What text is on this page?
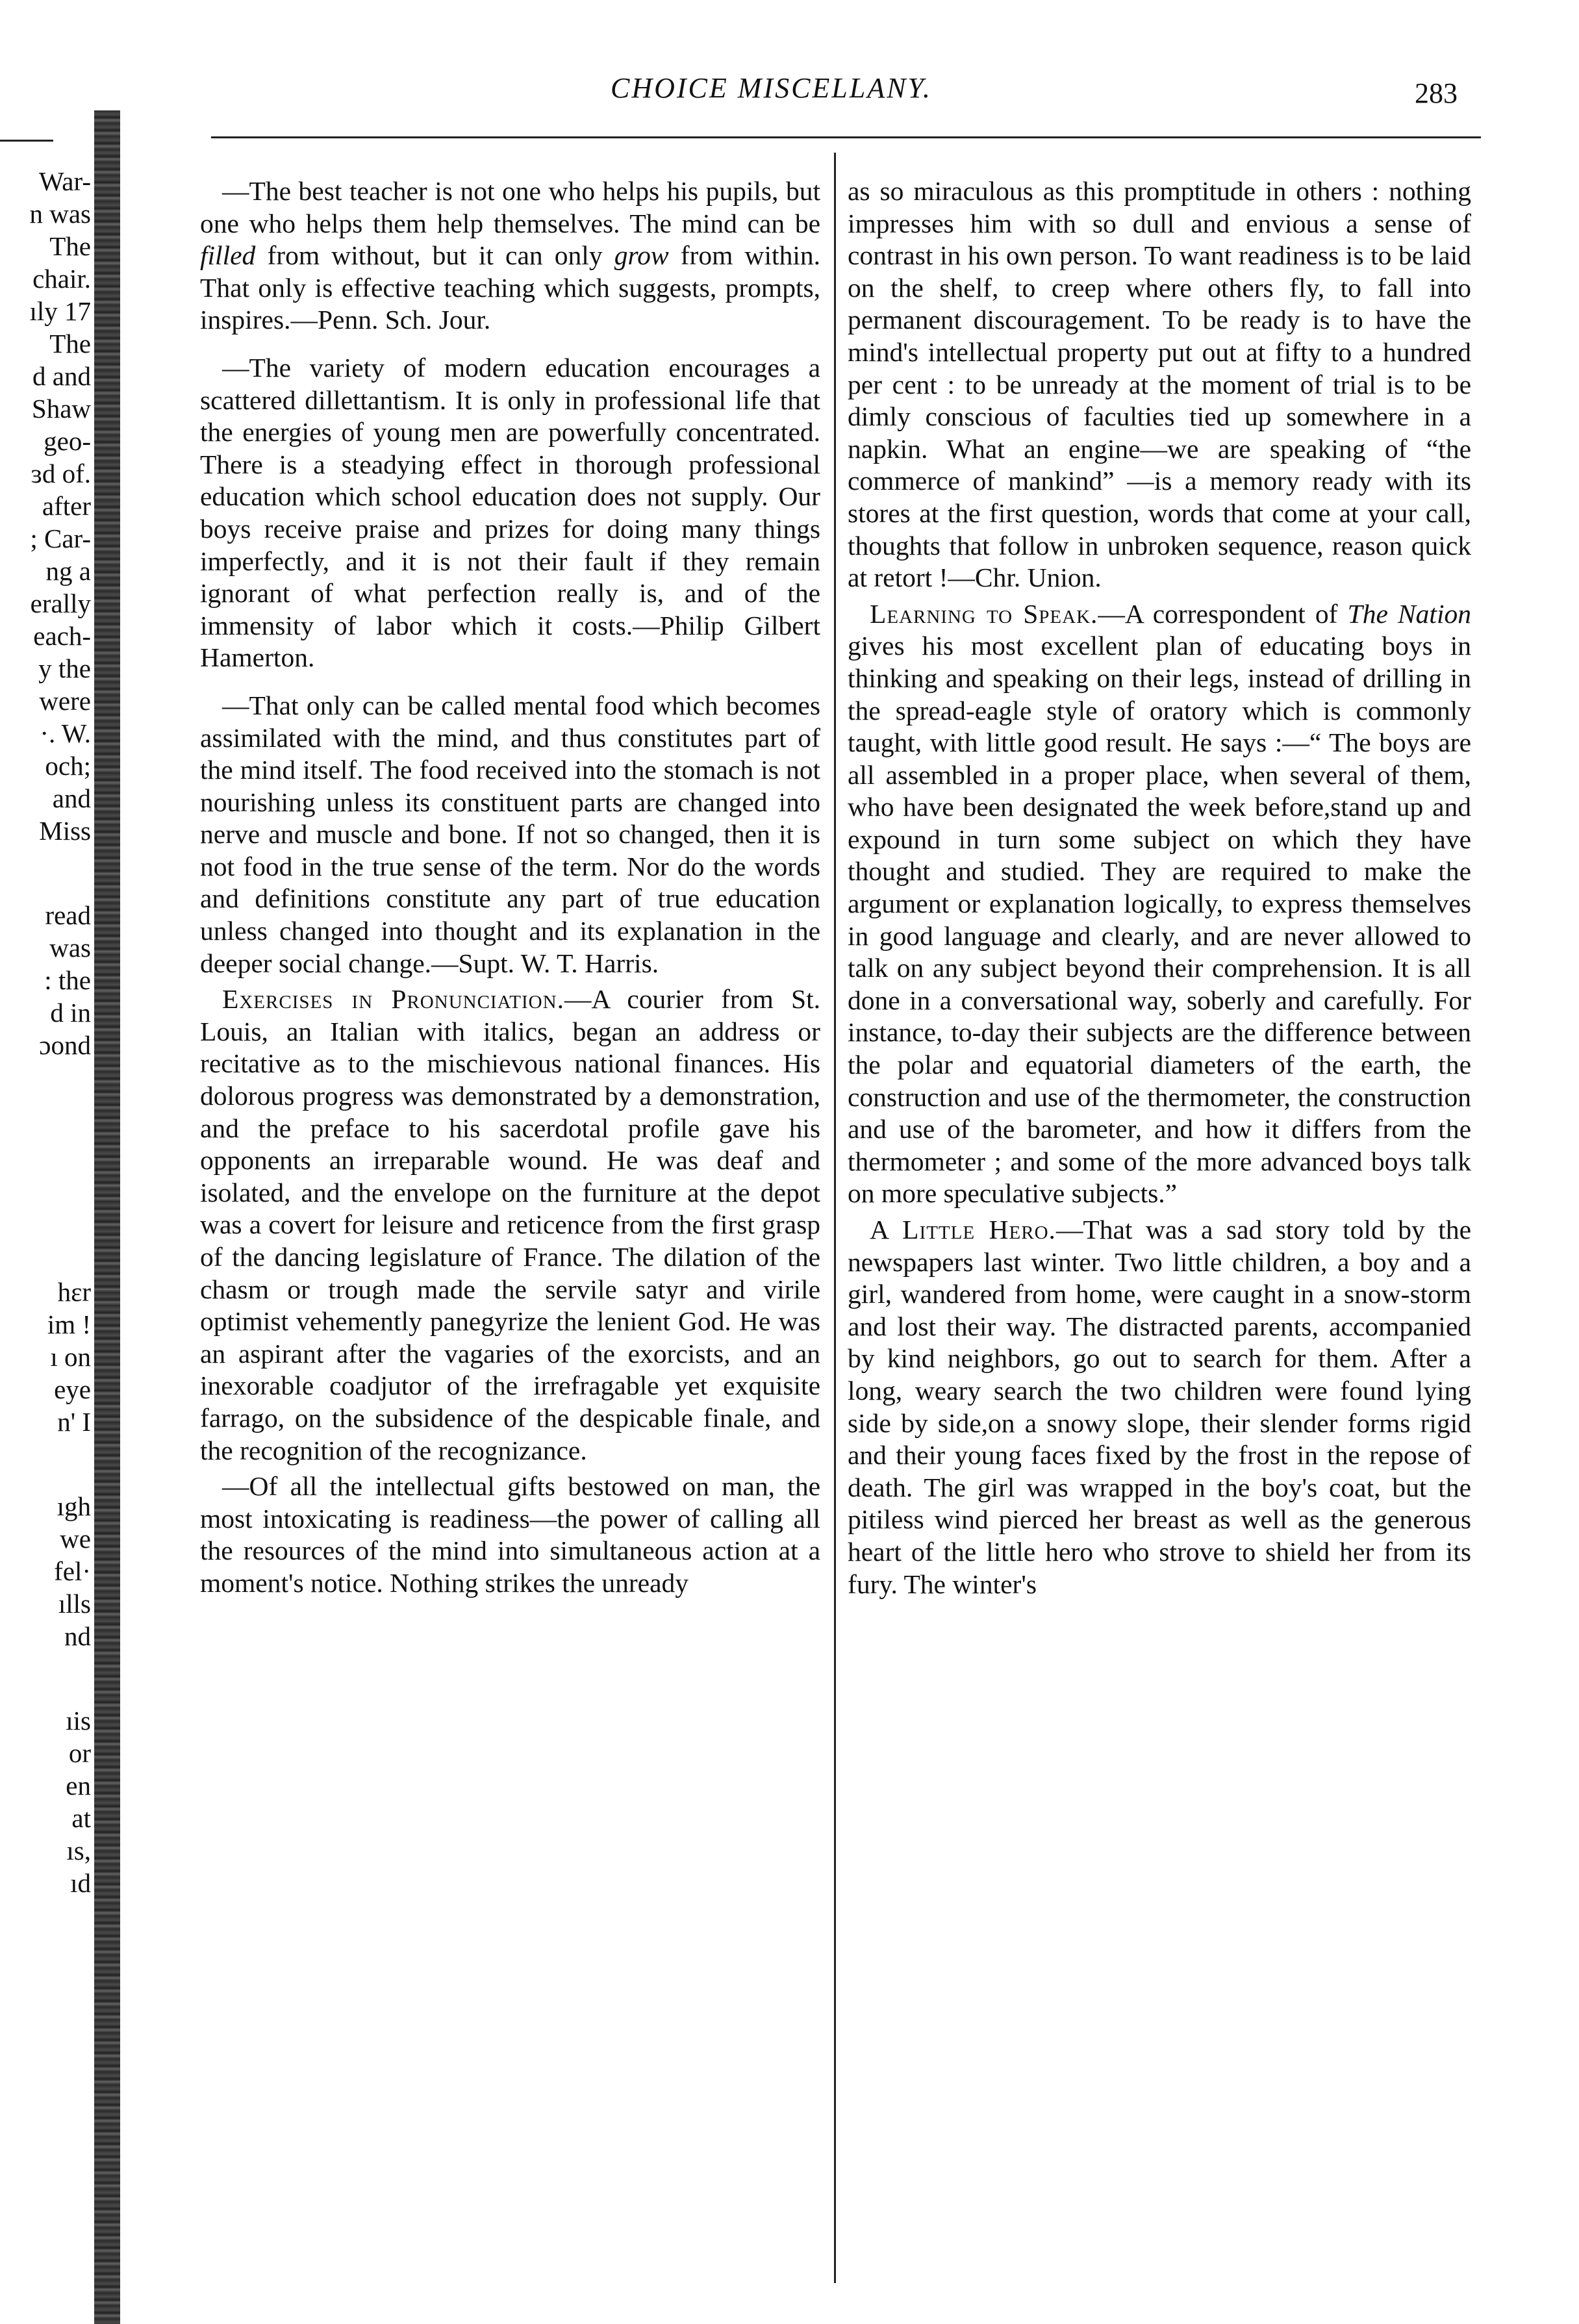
War-
n was
The
chair.
ıly 17
The
d and
Shaw
geo-
ɜd of.
after
; Car-
ng a
erally
each-
y the
were
·. W.
och;
and
Miss
read
was
: the
d in
ɔond
hɛr
im !
ı on
eye
n' I
ıgh
we
fel·
ılls
nd
ıis
or
en
at
ıs,
ıd
CHOICE MISCELLANY.	283

—The best teacher is not one who helps his pupils, but one who helps them help themselves. The mind can be filled from without, but it can only grow from within. That only is effective teaching which suggests, prompts, inspires.—Penn. Sch. Jour.

—The variety of modern education encourages a scattered dillettantism. It is only in professional life that the energies of young men are powerfully concentrated. There is a steadying effect in thorough professional education which school education does not supply. Our boys receive praise and prizes for doing many things imperfectly, and it is not their fault if they remain ignorant of what perfection really is, and of the immensity of labor which it costs.—Philip Gilbert Hamerton.

—That only can be called mental food which becomes assimilated with the mind, and thus constitutes part of the mind itself. The food received into the stomach is not nourishing unless its constituent parts are changed into nerve and muscle and bone. If not so changed, then it is not food in the true sense of the term. Nor do the words and definitions constitute any part of true education unless changed into thought and its explanation in the deeper social change.—Supt. W. T. Harris.

Exercises in Pronunciation.—A courier from St. Louis, an Italian with italics, began an address or recitative as to the mischievous national finances. His dolorous progress was demonstrated by a demonstration, and the preface to his sacerdotal profile gave his opponents an irreparable wound. He was deaf and isolated, and the envelope on the furniture at the depot was a covert for leisure and reticence from the first grasp of the dancing legislature of France. The dilation of the chasm or trough made the servile satyr and virile optimist vehemently panegyrize the lenient God. He was an aspirant after the vagaries of the exorcists, and an inexorable coadjutor of the irrefragable yet exquisite farrago, on the subsidence of the despicable finale, and the recognition of the recognizance.

—Of all the intellectual gifts bestowed on man, the most intoxicating is readiness—the power of calling all the resources of the mind into simultaneous action at a moment's notice. Nothing strikes the unready

as so miraculous as this promptitude in others : nothing impresses him with so dull and envious a sense of contrast in his own person. To want readiness is to be laid on the shelf, to creep where others fly, to fall into permanent discouragement. To be ready is to have the mind's intellectual property put out at fifty to a hundred per cent : to be unready at the moment of trial is to be dimly conscious of faculties tied up somewhere in a napkin. What an engine—we are speaking of “the commerce of mankind” —is a memory ready with its stores at the first question, words that come at your call, thoughts that follow in unbroken sequence, reason quick at retort !—Chr. Union.

Learning to Speak.—A correspondent of The Nation gives his most excellent plan of educating boys in thinking and speaking on their legs, instead of drilling in the spread-eagle style of oratory which is commonly taught, with little good result. He says :—“ The boys are all assembled in a proper place, when several of them, who have been designated the week before,stand up and expound in turn some subject on which they have thought and studied. They are required to make the argument or explanation logically, to express themselves in good language and clearly, and are never allowed to talk on any subject beyond their comprehension. It is all done in a conversational way, soberly and carefully. For instance, to-day their subjects are the difference between the polar and equatorial diameters of the earth, the construction and use of the thermometer, the construction and use of the barometer, and how it differs from the thermometer ; and some of the more advanced boys talk on more speculative subjects.”

A Little Hero.—That was a sad story told by the newspapers last winter. Two little children, a boy and a girl, wandered from home, were caught in a snow-storm and lost their way. The distracted parents, accompanied by kind neighbors, go out to search for them. After a long, weary search the two children were found lying side by side,on a snowy slope, their slender forms rigid and their young faces fixed by the frost in the repose of death. The girl was wrapped in the boy's coat, but the pitiless wind pierced her breast as well as the generous heart of the little hero who strove to shield her from its fury. The winter's
